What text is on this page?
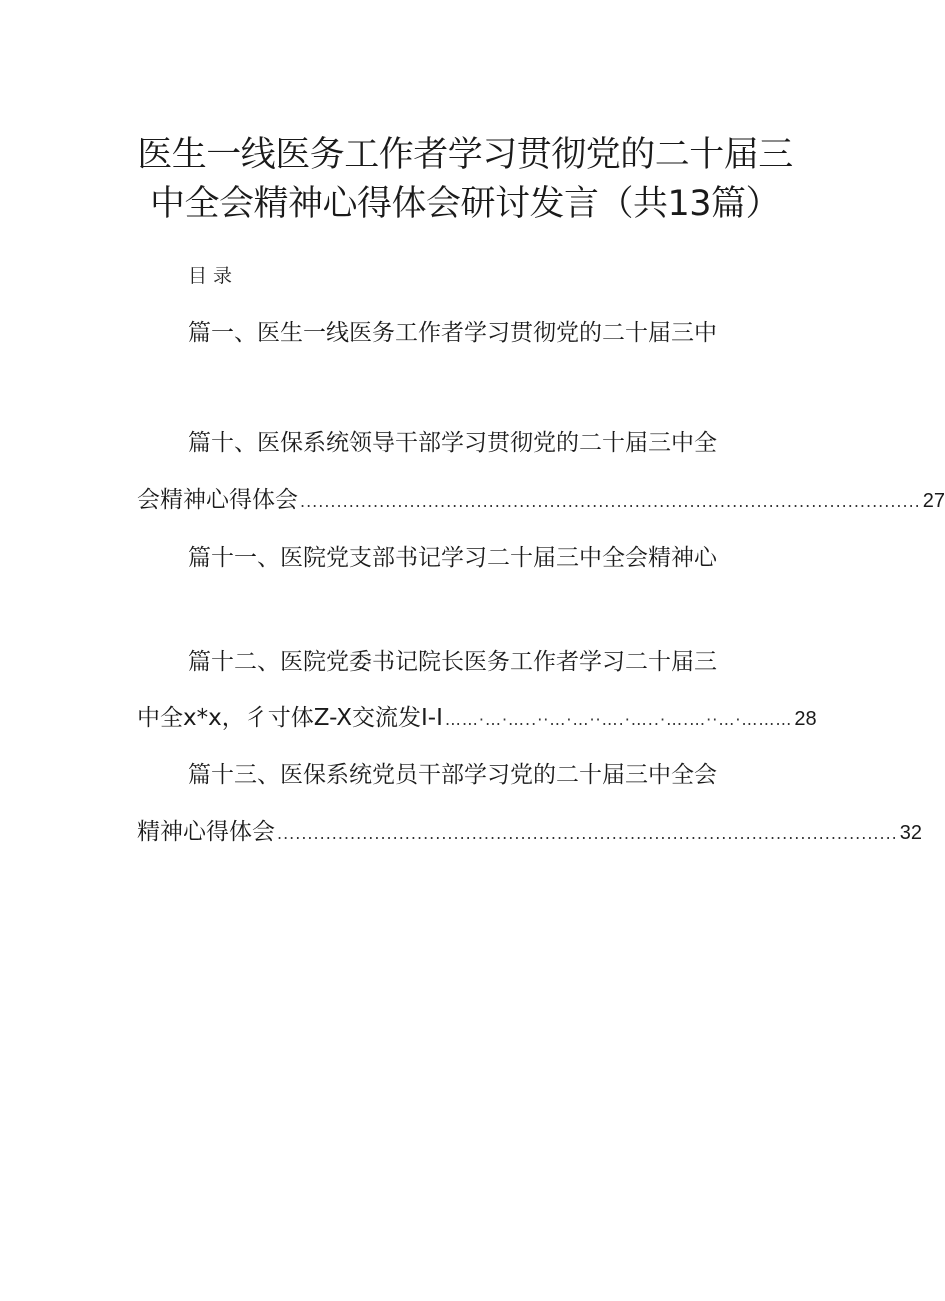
医生一线医务工作者学习贯彻党的二十届三
中全会精神心得体会研讨发言（共13篇）
目录
篇一、医生一线医务工作者学习贯彻党的二十届三中
篇十、医保系统领导干部学习贯彻党的二十届三中全
会精神心得体会 ...................................................................................................... 27
篇十一、医院党支部书记学习二十届三中全会精神心
篇十二、医院党委书记院长医务工作者学习二十届三
中全x*x，彳寸体Z-X交流发I-I ……·…·…..··…·…··….·…..·….…··…·……… 28
篇十三、医保系统党员干部学习党的二十届三中全会
精神心得体会 ...................................................................................................... 32
